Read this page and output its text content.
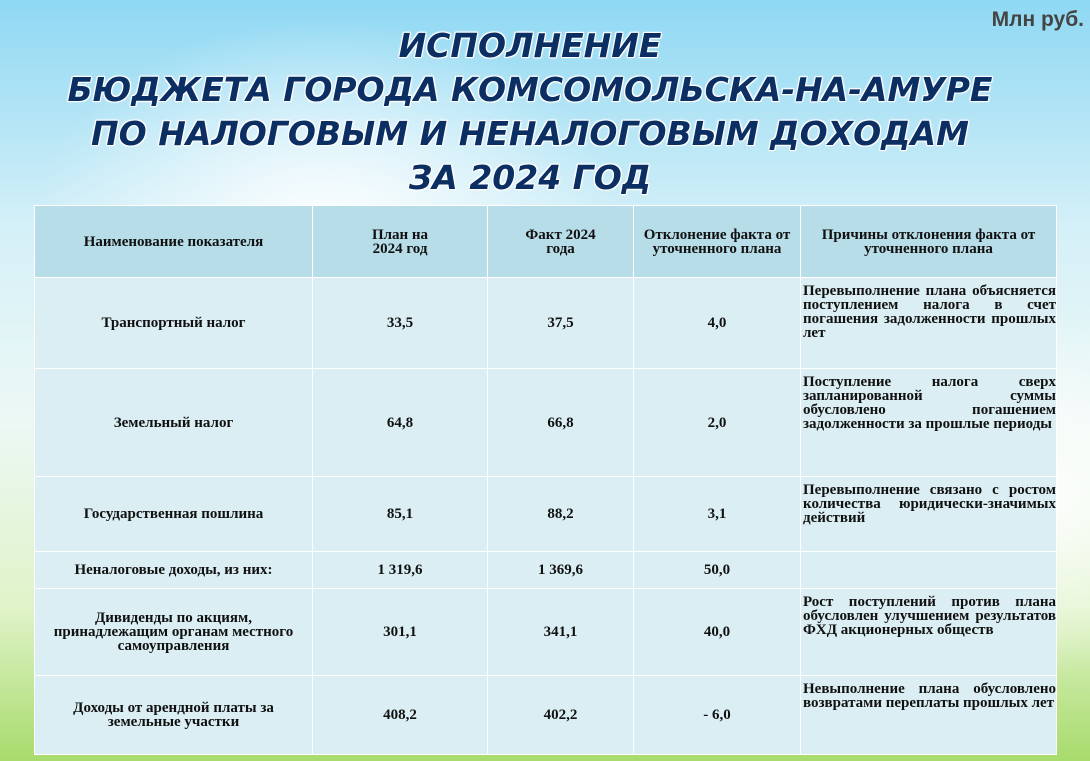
Млн руб.
ИСПОЛНЕНИЕ
БЮДЖЕТА ГОРОДА КОМСОМОЛЬСКА-НА-АМУРЕ
ПО НАЛОГОВЫМ И НЕНАЛОГОВЫМ ДОХОДАМ
ЗА 2024 ГОД
Наименование показателя	План на 2024 год	Факт 2024 года	Отклонение факта от уточненного плана	Причины отклонения факта от уточненного плана
Транспортный налог	33,5	37,5	4,0	Перевыполнение плана объясняется поступлением налога в счет погашения задолженности прошлых лет
Земельный налог	64,8	66,8	2,0	Поступление налога сверх запланированной суммы обусловлено погашением задолженности за прошлые периоды
Государственная пошлина	85,1	88,2	3,1	Перевыполнение связано с ростом количества юридически-значимых действий
Неналоговые доходы, из них:	1 319,6	1 369,6	50,0	
Дивиденды по акциям, принадлежащим органам местного самоуправления	301,1	341,1	40,0	Рост поступлений против плана обусловлен улучшением результатов ФХД акционерных обществ
Доходы от арендной платы за земельные участки	408,2	402,2	- 6,0	Невыполнение плана обусловлено возвратами переплаты прошлых лет
